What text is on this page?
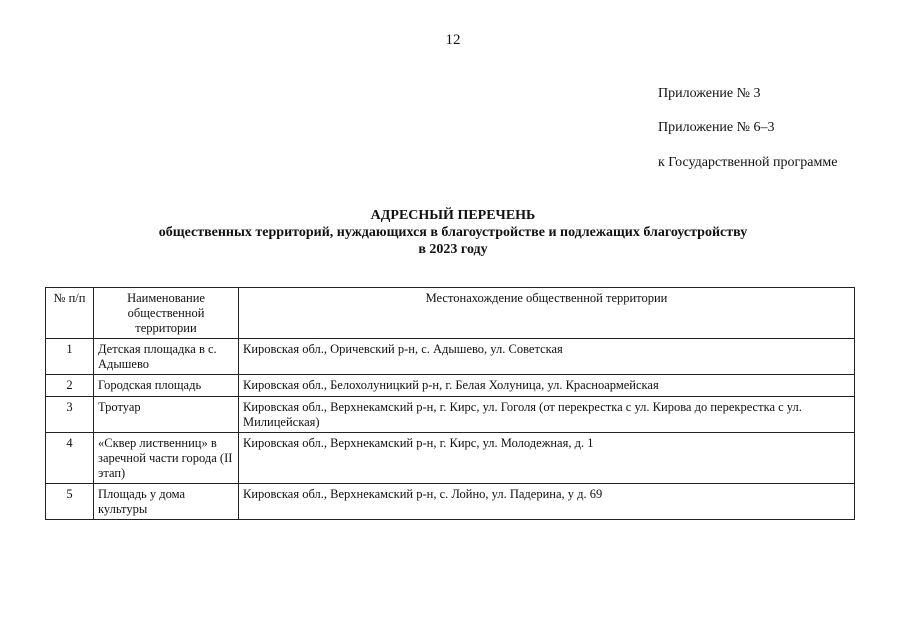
12
Приложение № 3
Приложение № 6–3
к Государственной программе
АДРЕСНЫЙ ПЕРЕЧЕНЬ
общественных территорий, нуждающихся в благоустройстве и подлежащих благоустройству
в 2023 году
№ п/п	Наименование общественной территории	Местонахождение общественной территории
1	Детская площадка в с. Адышево	Кировская обл., Оричевский р-н, с. Адышево, ул. Советская
2	Городская площадь	Кировская обл., Белохолуницкий р-н, г. Белая Холуница, ул. Красноармейская
3	Тротуар	Кировская обл., Верхнекамский р-н, г. Кирс, ул. Гоголя (от перекрестка с ул. Кирова до перекрестка с ул. Милицейская)
4	«Сквер лиственниц» в заречной части города (II этап)	Кировская обл., Верхнекамский р-н, г. Кирс, ул. Молодежная, д. 1
5	Площадь у дома культуры	Кировская обл., Верхнекамский р-н, с. Лойно, ул. Падерина, у д. 69
